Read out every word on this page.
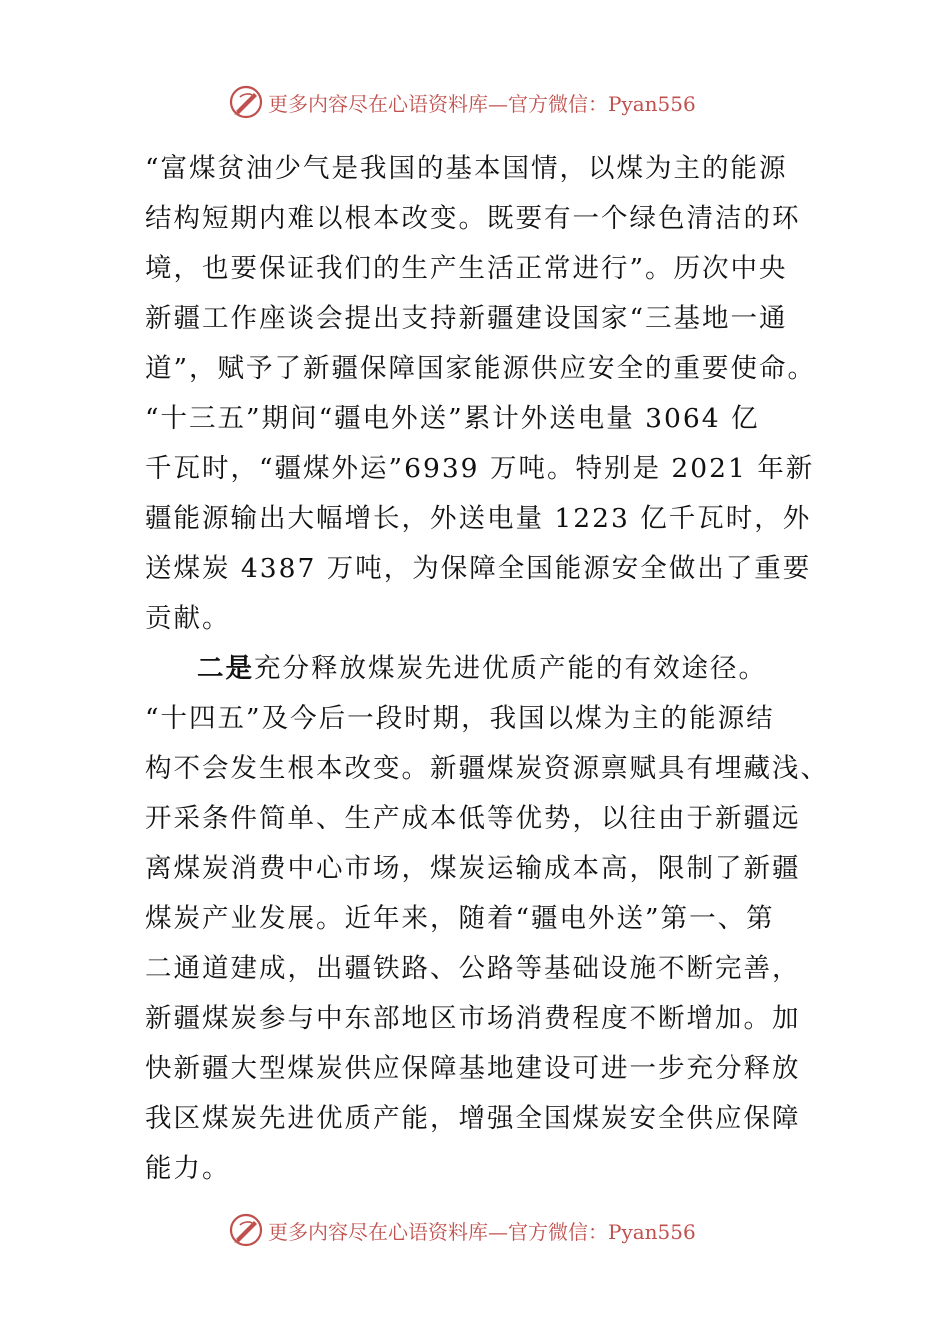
更多内容尽在心语资料库—官方微信：Pyan556
“富煤贫油少气是我国的基本国情，以煤为主的能源
结构短期内难以根本改变。既要有一个绿色清洁的环
境，也要保证我们的生产生活正常进行”。历次中央
新疆工作座谈会提出支持新疆建设国家“三基地一通
道”，赋予了新疆保障国家能源供应安全的重要使命。
“十三五”期间“疆电外送”累计外送电量 3064 亿
千瓦时，“疆煤外运”6939 万吨。特别是 2021 年新
疆能源输出大幅增长，外送电量 1223 亿千瓦时，外
送煤炭 4387 万吨，为保障全国能源安全做出了重要
贡献。
二是充分释放煤炭先进优质产能的有效途径。
“十四五”及今后一段时期，我国以煤为主的能源结
构不会发生根本改变。新疆煤炭资源禀赋具有埋藏浅、
开采条件简单、生产成本低等优势，以往由于新疆远
离煤炭消费中心市场，煤炭运输成本高，限制了新疆
煤炭产业发展。近年来，随着“疆电外送”第一、第
二通道建成，出疆铁路、公路等基础设施不断完善，
新疆煤炭参与中东部地区市场消费程度不断增加。加
快新疆大型煤炭供应保障基地建设可进一步充分释放
我区煤炭先进优质产能，增强全国煤炭安全供应保障
能力。
更多内容尽在心语资料库—官方微信：Pyan556
